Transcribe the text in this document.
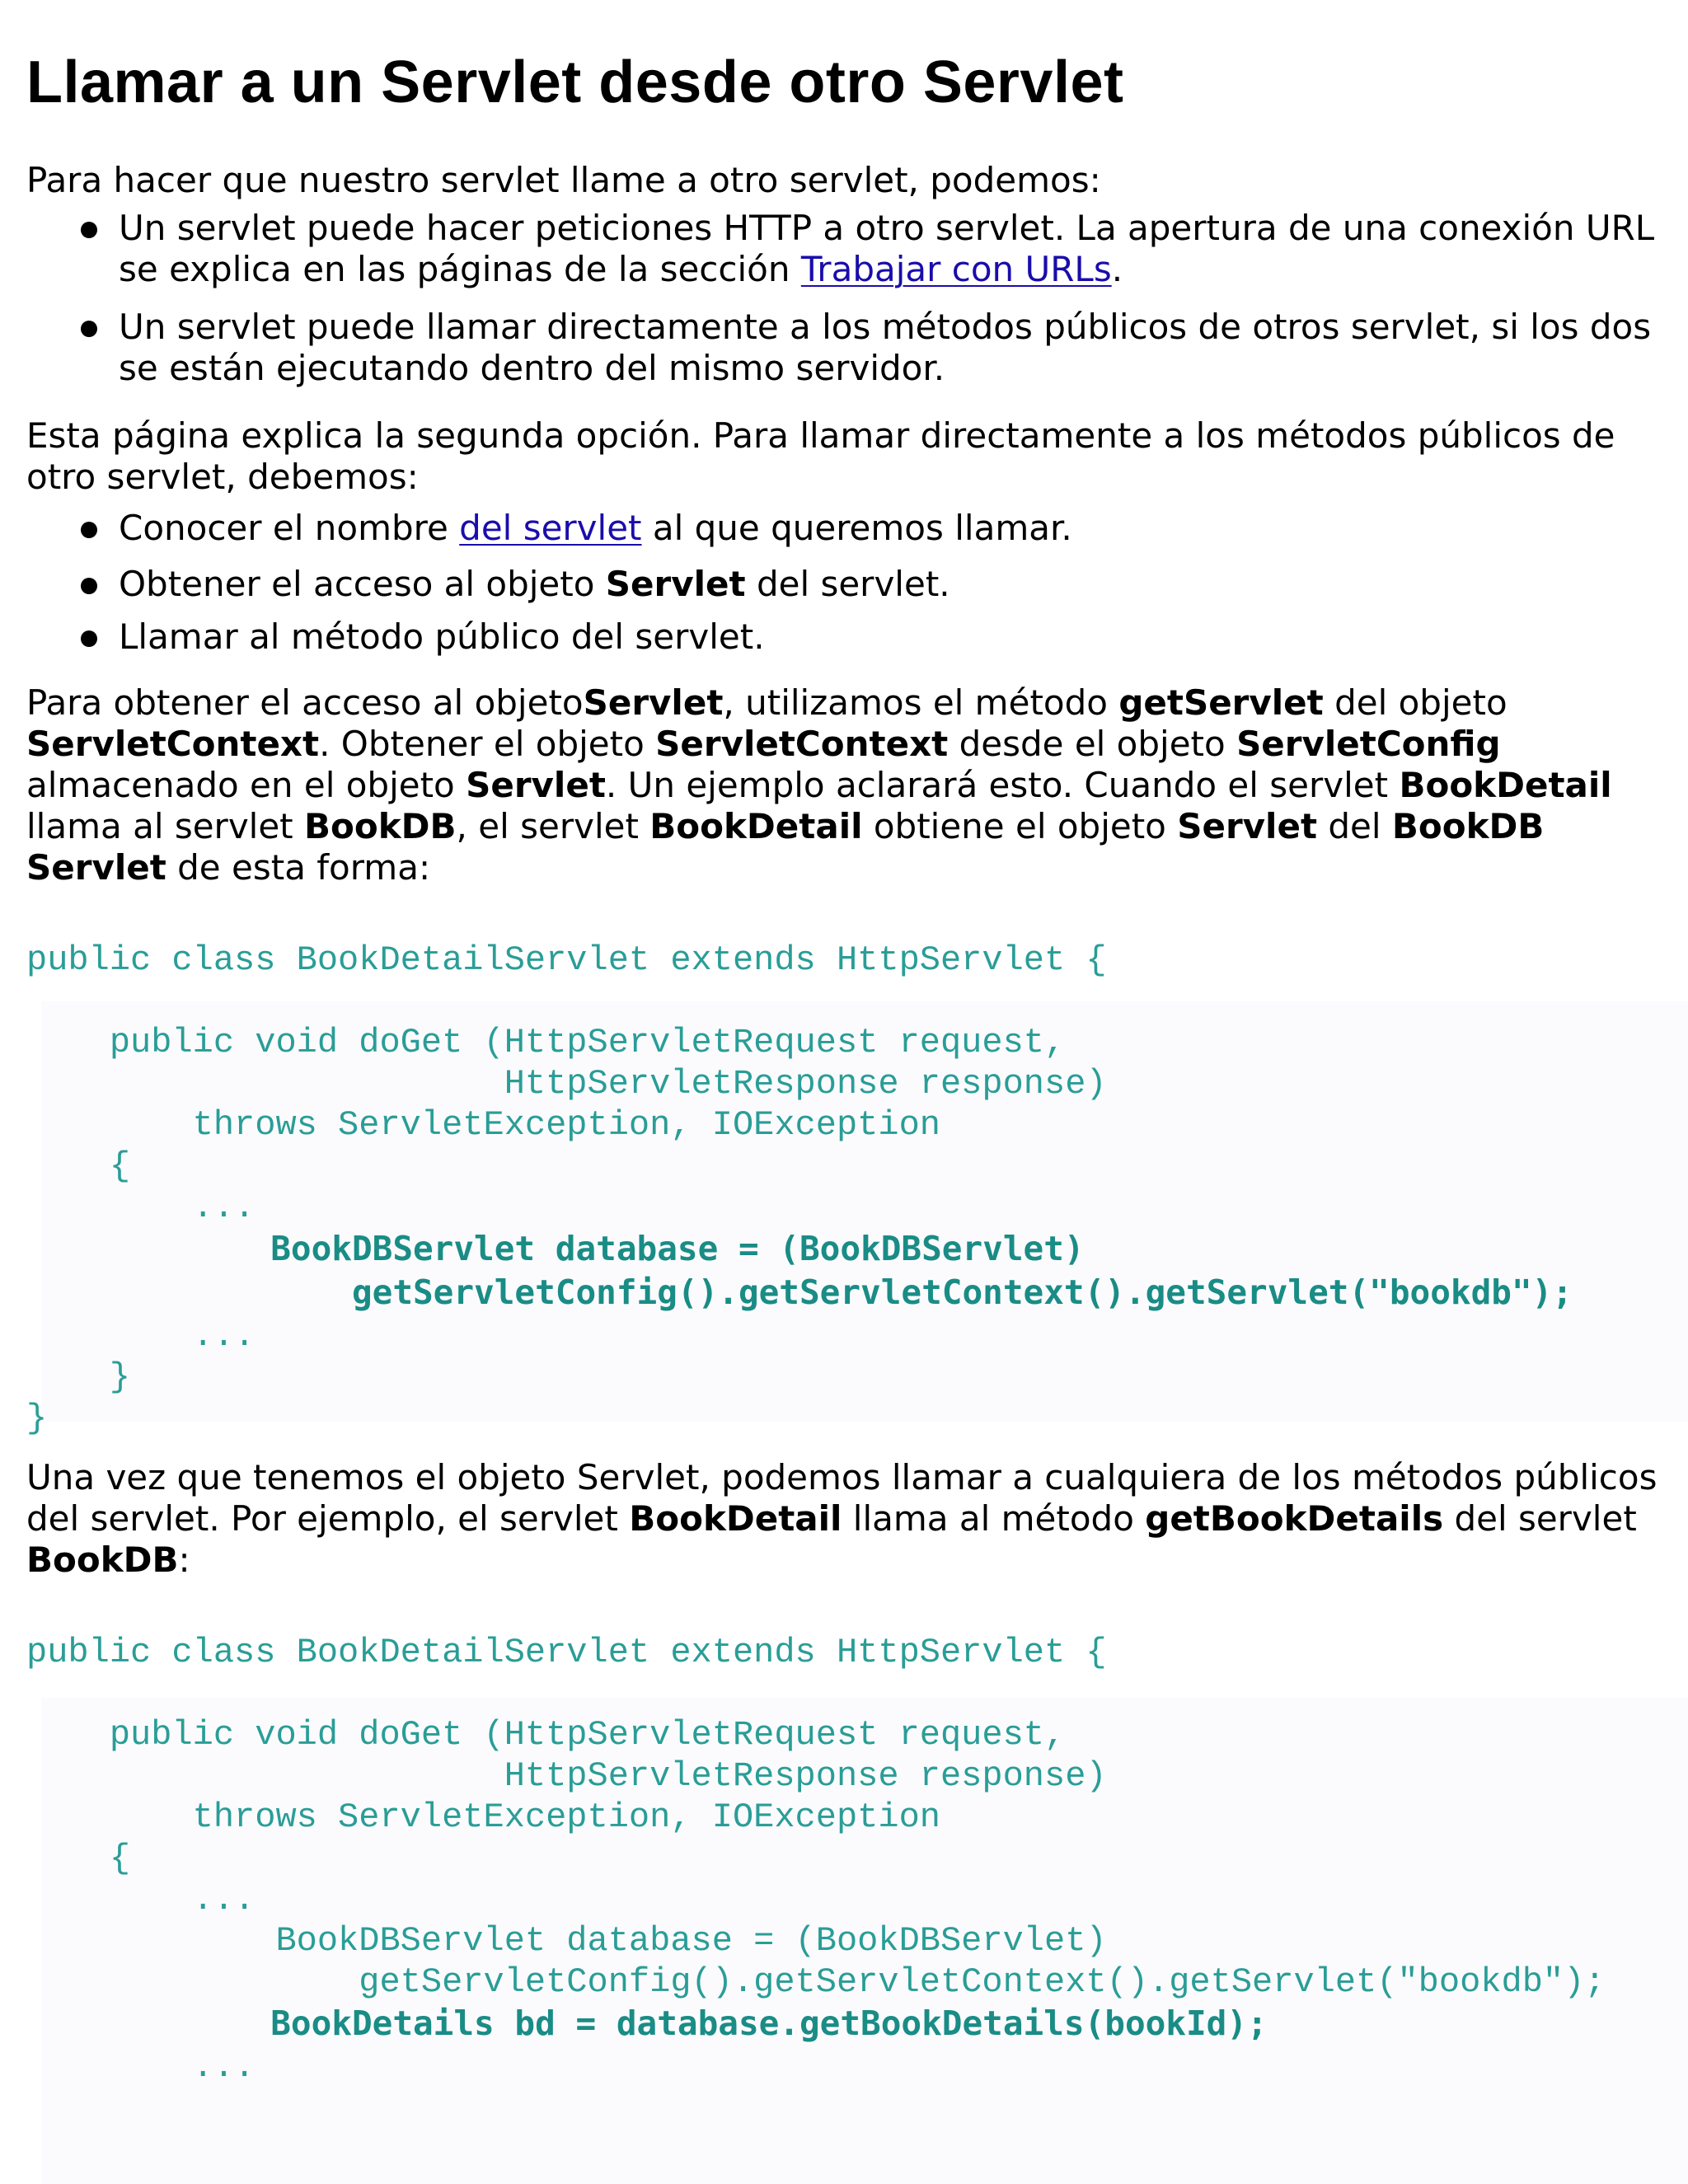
Llamar a un Servlet desde otro Servlet

Para hacer que nuestro servlet llame a otro servlet, podemos:

Un servlet puede hacer peticiones HTTP a otro servlet. La apertura de una conexión URL se explica en las páginas de la sección Trabajar con URLs.
Un servlet puede llamar directamente a los métodos públicos de otros servlet, si los dos se están ejecutando dentro del mismo servidor.

Esta página explica la segunda opción. Para llamar directamente a los métodos públicos de otro servlet, debemos:

Conocer el nombre del servlet al que queremos llamar.
Obtener el acceso al objeto Servlet del servlet.
Llamar al método público del servlet.

Para obtener el acceso al objetoServlet, utilizamos el método getServlet del objeto ServletContext. Obtener el objeto ServletContext desde el objeto ServletConfig almacenado en el objeto Servlet. Un ejemplo aclarará esto. Cuando el servlet BookDetail llama al servlet BookDB, el servlet BookDetail obtiene el objeto Servlet del BookDB Servlet de esta forma:

public class BookDetailServlet extends HttpServlet {

public void doGet (HttpServletRequest request,
HttpServletResponse response)
throws ServletException, IOException
{
...
BookDBServlet database = (BookDBServlet)
getServletConfig().getServletContext().getServlet("bookdb");
...
}
}

Una vez que tenemos el objeto Servlet, podemos llamar a cualquiera de los métodos públicos del servlet. Por ejemplo, el servlet BookDetail llama al método getBookDetails del servlet BookDB:

public class BookDetailServlet extends HttpServlet {

public void doGet (HttpServletRequest request,
HttpServletResponse response)
throws ServletException, IOException
{
...
BookDBServlet database = (BookDBServlet)
getServletConfig().getServletContext().getServlet("bookdb");
BookDetails bd = database.getBookDetails(bookId);
...
